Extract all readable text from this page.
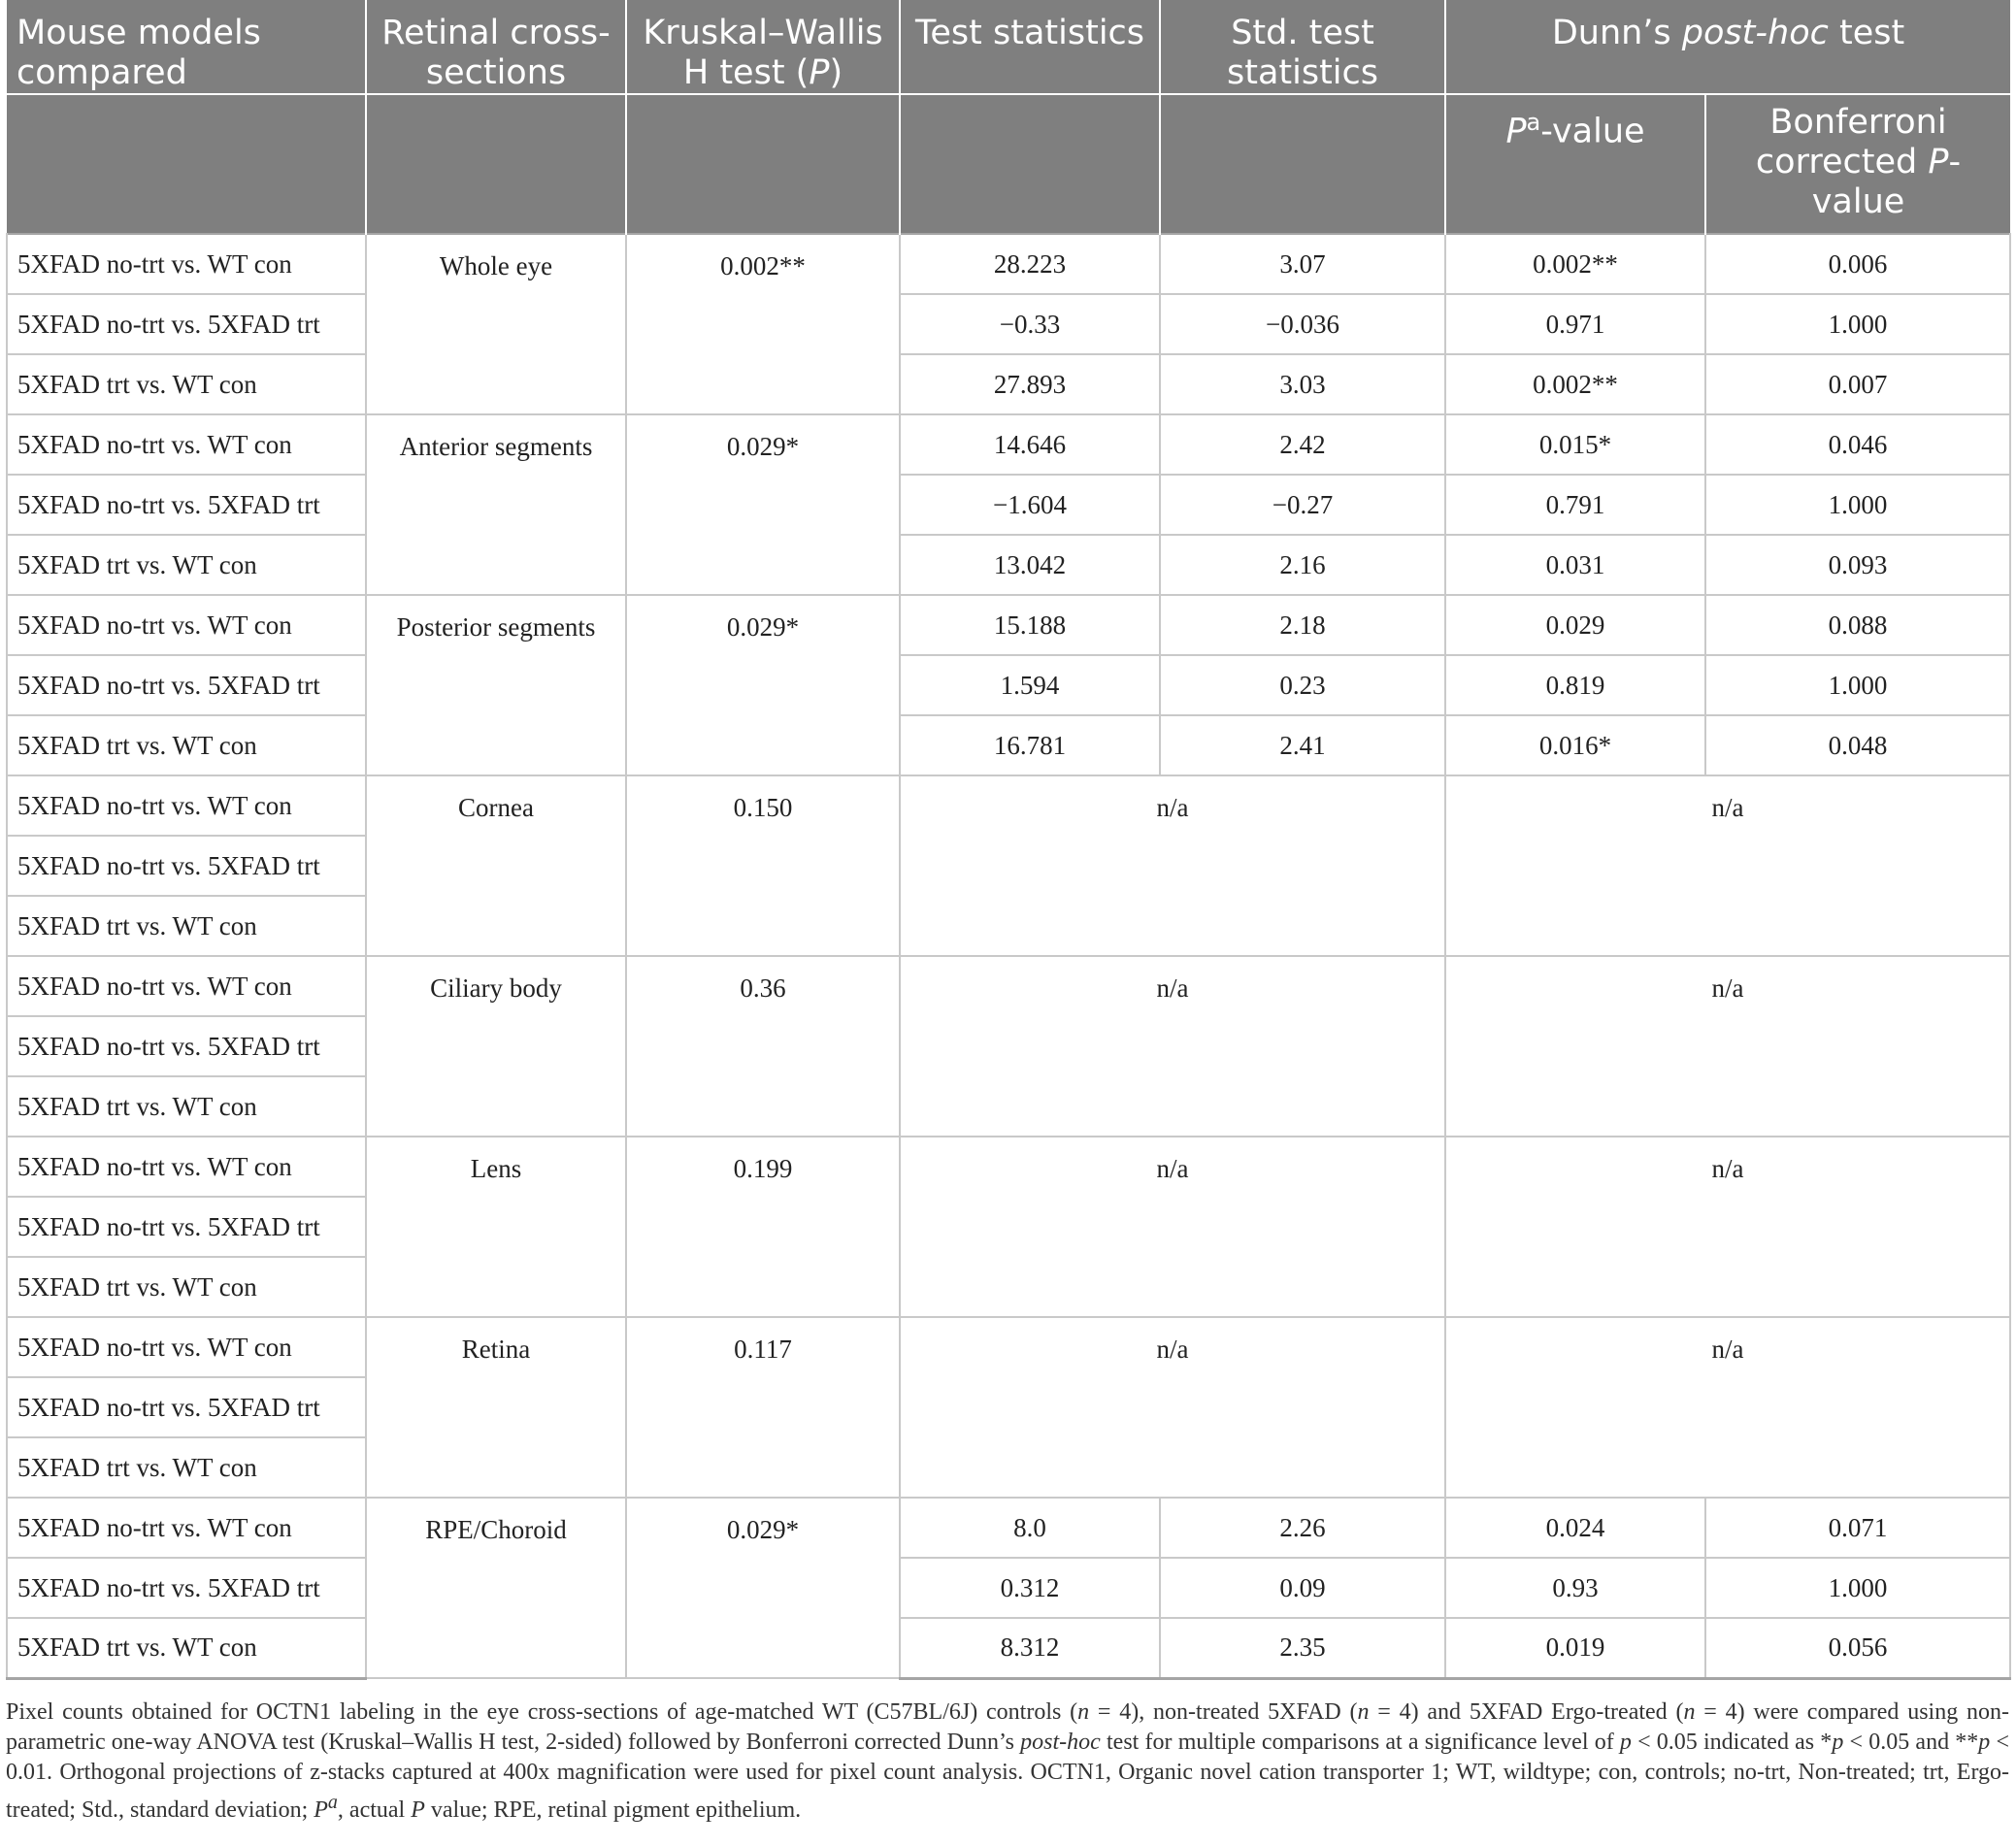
Mouse models compared	Retinal cross-sections	Kruskal–Wallis H test (P)	Test statistics	Std. test statistics	Dunn’s post-hoc test	
					$P^a$-value	Bonferroni corrected P-value
5XFAD no-trt vs. WT con	Whole eye	0.002**	28.223	3.07	0.002**	0.006
5XFAD no-trt vs. 5XFAD trt			−0.33	−0.036	0.971	1.000
5XFAD trt vs. WT con			27.893	3.03	0.002**	0.007
5XFAD no-trt vs. WT con	Anterior segments	0.029*	14.646	2.42	0.015*	0.046
5XFAD no-trt vs. 5XFAD trt			−1.604	−0.27	0.791	1.000
5XFAD trt vs. WT con			13.042	2.16	0.031	0.093
5XFAD no-trt vs. WT con	Posterior segments	0.029*	15.188	2.18	0.029	0.088
5XFAD no-trt vs. 5XFAD trt			1.594	0.23	0.819	1.000
5XFAD trt vs. WT con			16.781	2.41	0.016*	0.048
5XFAD no-trt vs. WT con	Cornea	0.150	n/a		n/a	
5XFAD no-trt vs. 5XFAD trt						
5XFAD trt vs. WT con						
5XFAD no-trt vs. WT con	Ciliary body	0.36	n/a		n/a	
5XFAD no-trt vs. 5XFAD trt						
5XFAD trt vs. WT con						
5XFAD no-trt vs. WT con	Lens	0.199	n/a		n/a	
5XFAD no-trt vs. 5XFAD trt						
5XFAD trt vs. WT con						
5XFAD no-trt vs. WT con	Retina	0.117	n/a		n/a	
5XFAD no-trt vs. 5XFAD trt						
5XFAD trt vs. WT con						
5XFAD no-trt vs. WT con	RPE/Choroid	0.029*	8.0	2.26	0.024	0.071
5XFAD no-trt vs. 5XFAD trt			0.312	0.09	0.93	1.000
5XFAD trt vs. WT con			8.312	2.35	0.019	0.056
Pixel counts obtained for OCTN1 labeling in the eye cross-sections of age-matched WT (C57BL/6J) controls (n = 4), non-treated 5XFAD (n = 4) and 5XFAD Ergo-treated (n = 4) were compared using non-parametric one-way ANOVA test (Kruskal–Wallis H test, 2-sided) followed by Bonferroni corrected Dunn’s post-hoc test for multiple comparisons at a significance level of p < 0.05 indicated as *p < 0.05 and **p < 0.01. Orthogonal projections of z-stacks captured at 400x magnification were used for pixel count analysis. OCTN1, Organic novel cation transporter 1; WT, wildtype; con, controls; no-trt, Non-treated; trt, Ergo-treated; Std., standard deviation; $P^a$, actual P value; RPE, retinal pigment epithelium.
